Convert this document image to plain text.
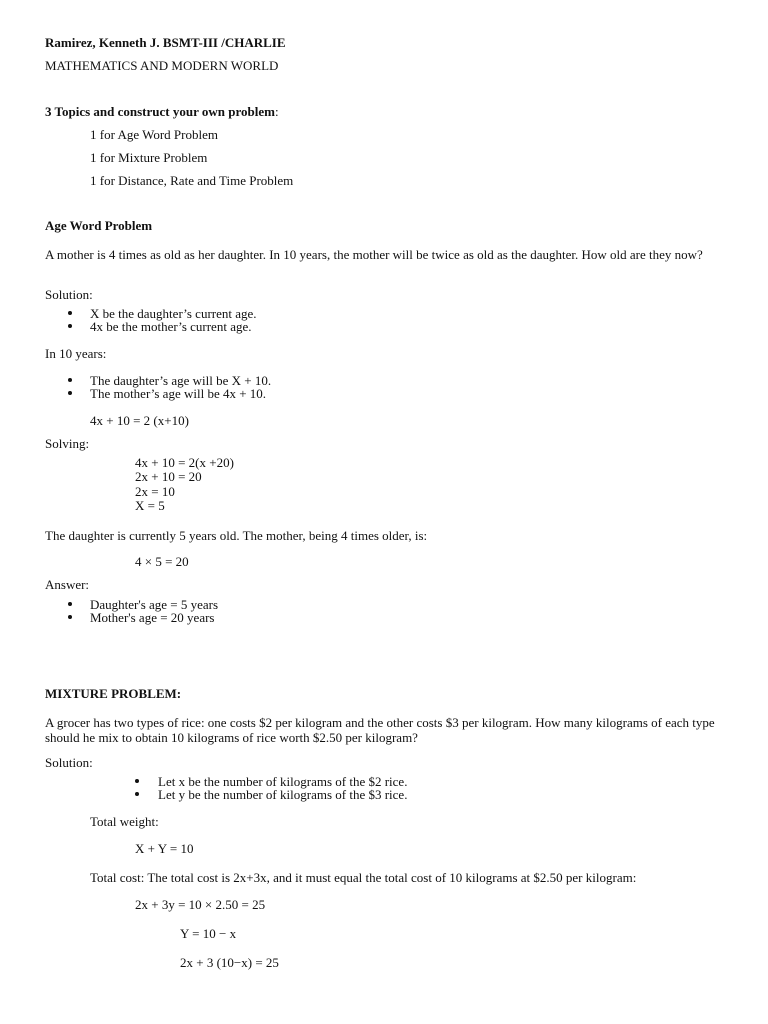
Ramirez, Kenneth J. BSMT-III /CHARLIE
MATHEMATICS AND MODERN WORLD
3 Topics and construct your own problem:
1 for Age Word Problem
1 for Mixture Problem
1 for Distance, Rate and Time Problem
Age Word Problem
A mother is 4 times as old as her daughter. In 10 years, the mother will be twice as old as the daughter. How old are they now?
Solution:
X be the daughter’s current age.
4x be the mother’s current age.
In 10 years:
The daughter’s age will be X + 10.
The mother’s age will be 4x + 10.
4x + 10 = 2 (x+10)
Solving:
4x + 10 = 2(x +20)
2x + 10 = 20
2x = 10
X = 5
The daughter is currently 5 years old. The mother, being 4 times older, is:
4 × 5 = 20
Answer:
Daughter's age = 5 years
Mother's age = 20 years
MIXTURE PROBLEM:
A grocer has two types of rice: one costs $2 per kilogram and the other costs $3 per kilogram. How many kilograms of each type should he mix to obtain 10 kilograms of rice worth $2.50 per kilogram?
Solution:
Let x be the number of kilograms of the $2 rice.
Let y be the number of kilograms of the $3 rice.
Total weight:
X + Y = 10
Total cost: The total cost is 2x+3x, and it must equal the total cost of 10 kilograms at $2.50 per kilogram:
2x + 3y = 10 × 2.50 = 25
Y = 10 − x
2x + 3 (10−x) = 25
